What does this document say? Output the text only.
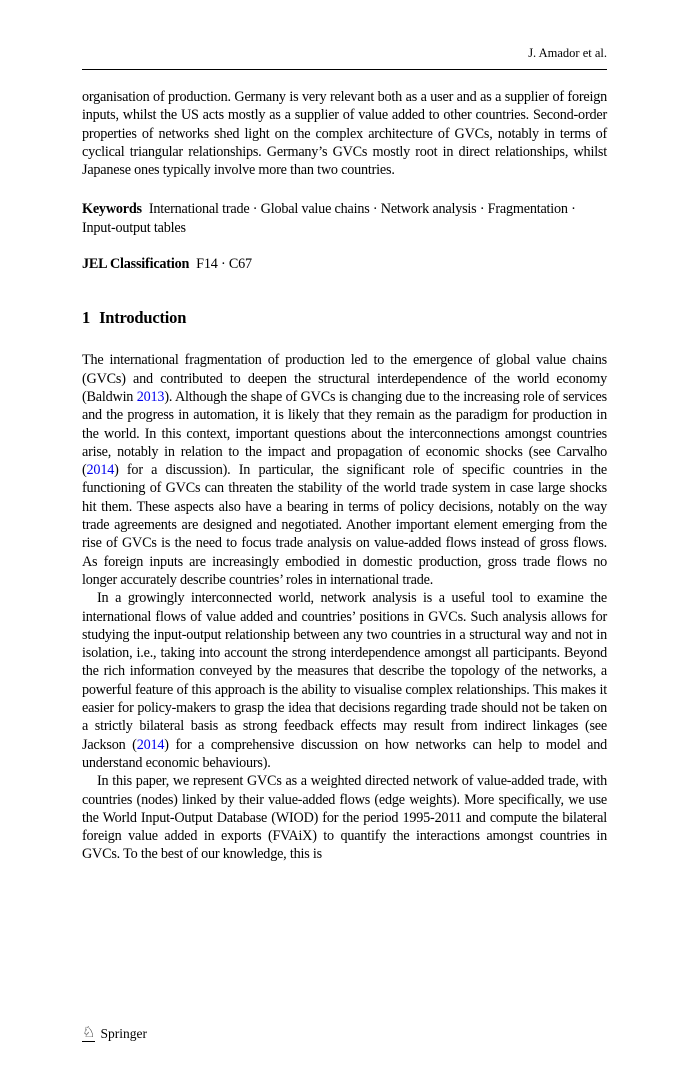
J. Amador et al.

organisation of production. Germany is very relevant both as a user and as a supplier of foreign inputs, whilst the US acts mostly as a supplier of value added to other countries. Second-order properties of networks shed light on the complex architecture of GVCs, notably in terms of cyclical triangular relationships. Germany’s GVCs mostly root in direct relationships, whilst Japanese ones typically involve more than two countries.

Keywords International trade · Global value chains · Network analysis · Fragmentation · Input-output tables

JEL Classification F14 · C67

1 Introduction

The international fragmentation of production led to the emergence of global value chains (GVCs) and contributed to deepen the structural interdependence of the world economy (Baldwin 2013). Although the shape of GVCs is changing due to the increasing role of services and the progress in automation, it is likely that they remain as the paradigm for production in the world. In this context, important questions about the interconnections amongst countries arise, notably in relation to the impact and propagation of economic shocks (see Carvalho (2014) for a discussion). In particular, the significant role of specific countries in the functioning of GVCs can threaten the stability of the world trade system in case large shocks hit them. These aspects also have a bearing in terms of policy decisions, notably on the way trade agreements are designed and negotiated. Another important element emerging from the rise of GVCs is the need to focus trade analysis on value-added flows instead of gross flows. As foreign inputs are increasingly embodied in domestic production, gross trade flows no longer accurately describe countries’ roles in international trade.

In a growingly interconnected world, network analysis is a useful tool to examine the international flows of value added and countries’ positions in GVCs. Such analysis allows for studying the input-output relationship between any two countries in a structural way and not in isolation, i.e., taking into account the strong interdependence amongst all participants. Beyond the rich information conveyed by the measures that describe the topology of the networks, a powerful feature of this approach is the ability to visualise complex relationships. This makes it easier for policy-makers to grasp the idea that decisions regarding trade should not be taken on a strictly bilateral basis as strong feedback effects may result from indirect linkages (see Jackson (2014) for a comprehensive discussion on how networks can help to model and understand economic behaviours).

In this paper, we represent GVCs as a weighted directed network of value-added trade, with countries (nodes) linked by their value-added flows (edge weights). More specifically, we use the World Input-Output Database (WIOD) for the period 1995-2011 and compute the bilateral foreign value added in exports (FVAiX) to quantify the interactions amongst countries in GVCs. To the best of our knowledge, this is

♘ Springer
